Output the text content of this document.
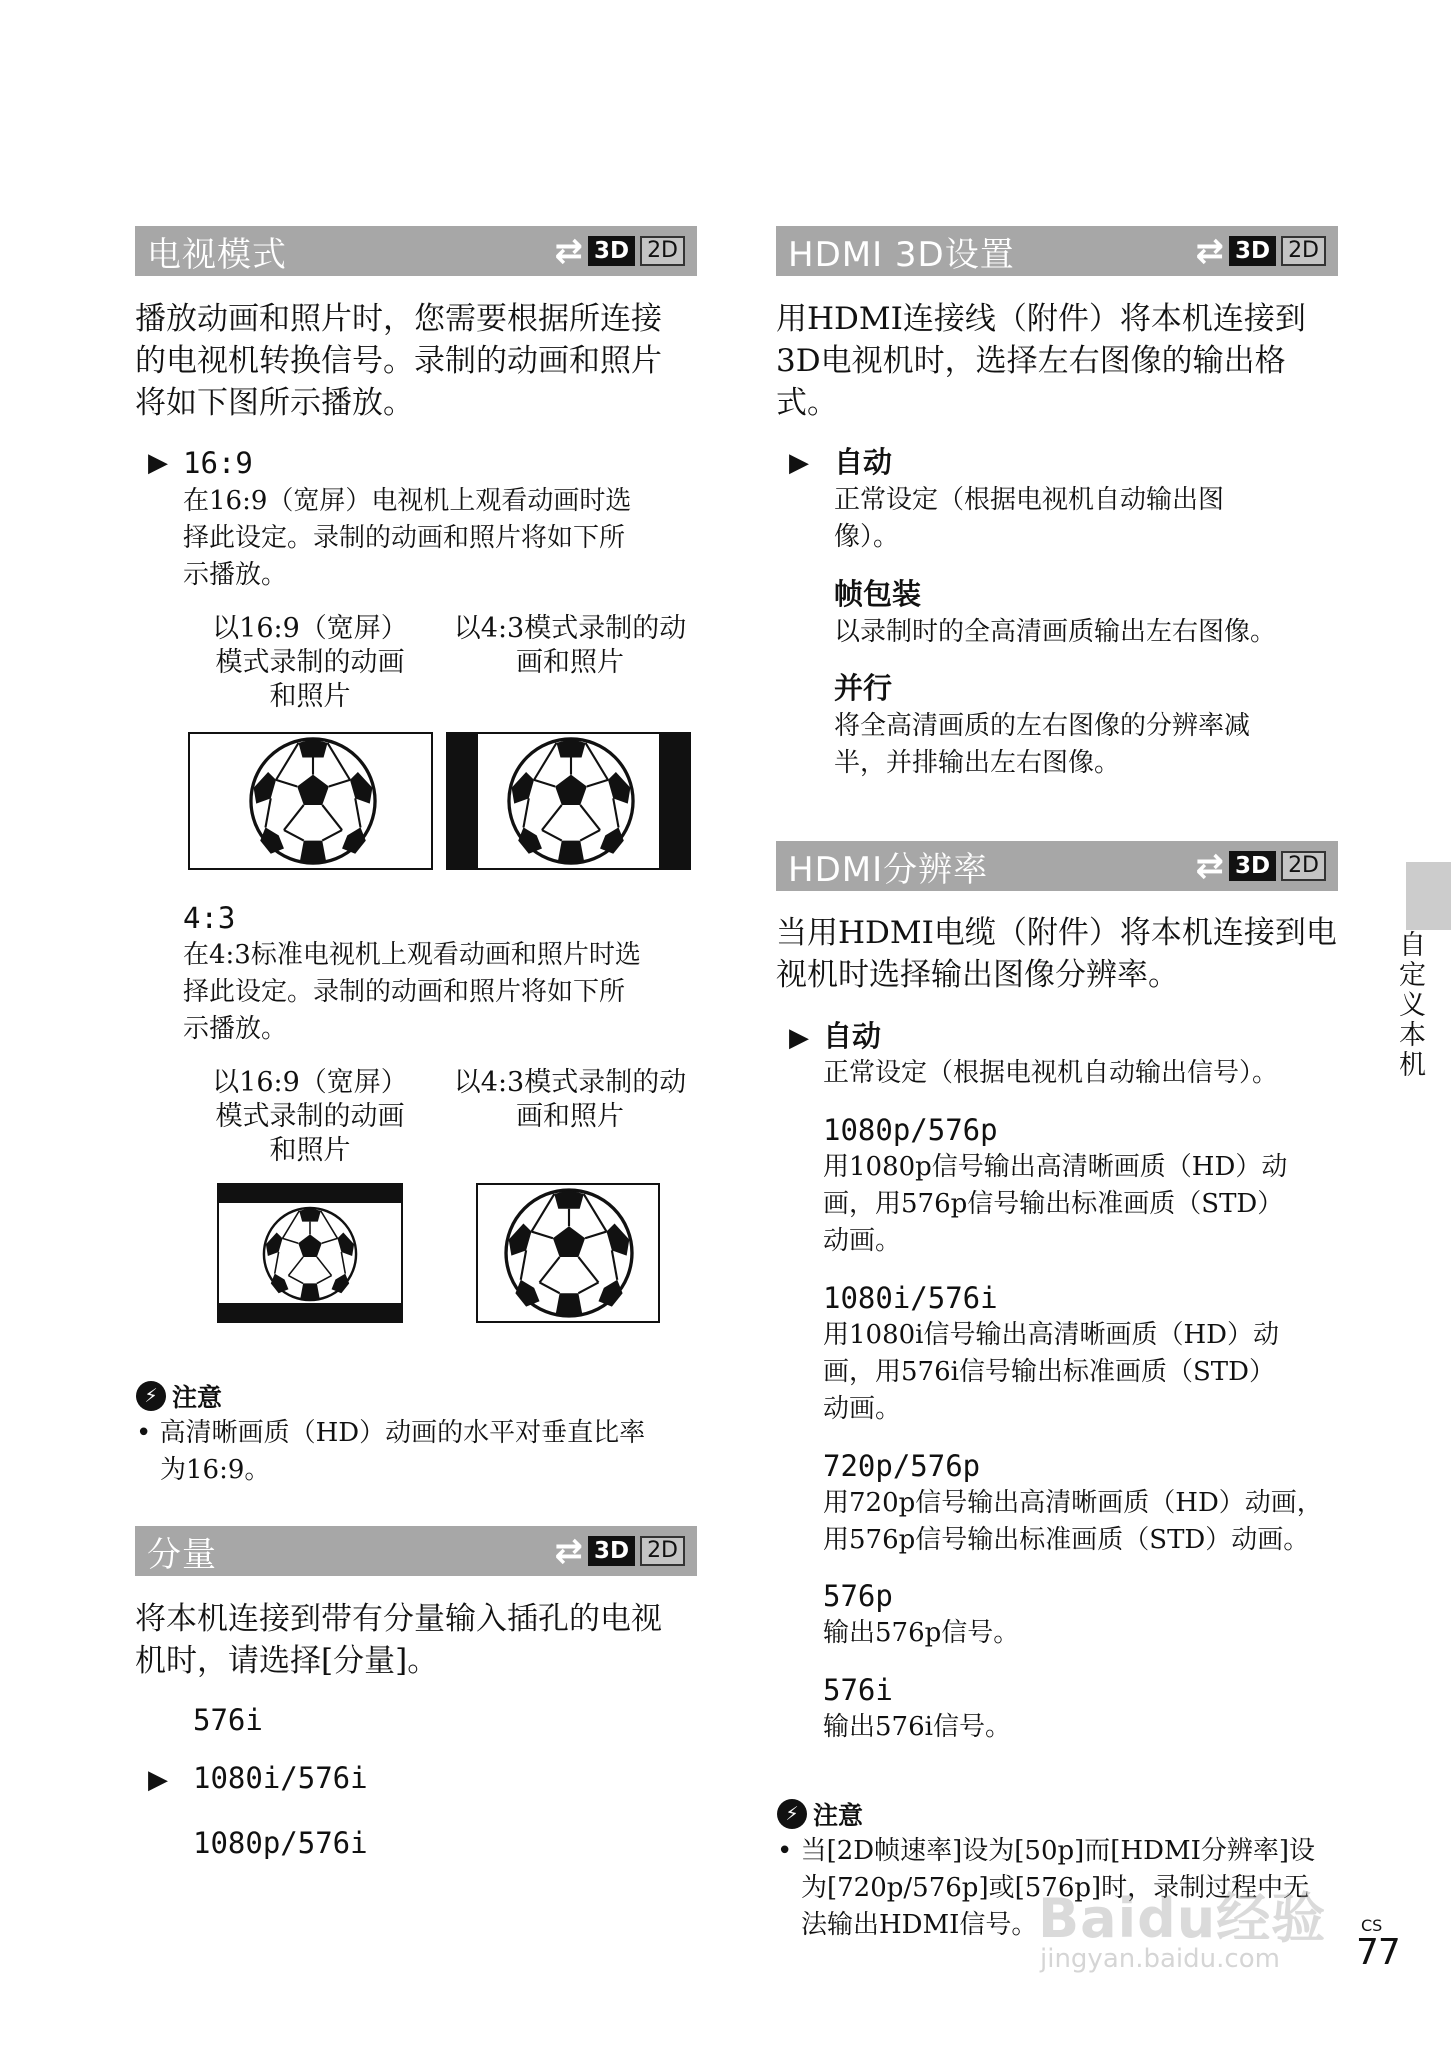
电视模式	⇄ 3D 2D
播放动画和照片时，您需要根据所连接
的电视机转换信号。录制的动画和照片
将如下图所示播放。
▶ 16:9
在16:9（宽屏）电视机上观看动画时选
择此设定。录制的动画和照片将如下所
示播放。
以16:9（宽屏）
模式录制的动画
和照片
以4:3模式录制的动
画和照片
4:3
在4:3标准电视机上观看动画和照片时选
择此设定。录制的动画和照片将如下所
示播放。
以16:9（宽屏）
模式录制的动画
和照片
以4:3模式录制的动
画和照片
⚡ 注意
• 高清晰画质（HD）动画的水平对垂直比率
为16:9。
分量	⇄ 3D 2D
将本机连接到带有分量输入插孔的电视
机时，请选择[分量]。
576i
▶ 1080i/576i
1080p/576i
HDMI 3D设置	⇄ 3D 2D
用HDMI连接线（附件）将本机连接到
3D电视机时，选择左右图像的输出格
式。
▶ 自动
正常设定（根据电视机自动输出图
像）。
帧包装
以录制时的全高清画质输出左右图像。
并行
将全高清画质的左右图像的分辨率减
半，并排输出左右图像。
HDMI分辨率	⇄ 3D 2D
当用HDMI电缆（附件）将本机连接到电
视机时选择输出图像分辨率。
▶ 自动
正常设定（根据电视机自动输出信号）。
1080p/576p
用1080p信号输出高清晰画质（HD）动
画，用576p信号输出标准画质（STD）
动画。
1080i/576i
用1080i信号输出高清晰画质（HD）动
画，用576i信号输出标准画质（STD）
动画。
720p/576p
用720p信号输出高清晰画质（HD）动画，
用576p信号输出标准画质（STD）动画。
576p
输出576p信号。
576i
输出576i信号。
⚡ 注意
• 当[2D帧速率]设为[50p]而[HDMI分辨率]设
为[720p/576p]或[576p]时，录制过程中无
法输出HDMI信号。
自定义本机
Baidu经验
jingyan.baidu.com
CS
77
